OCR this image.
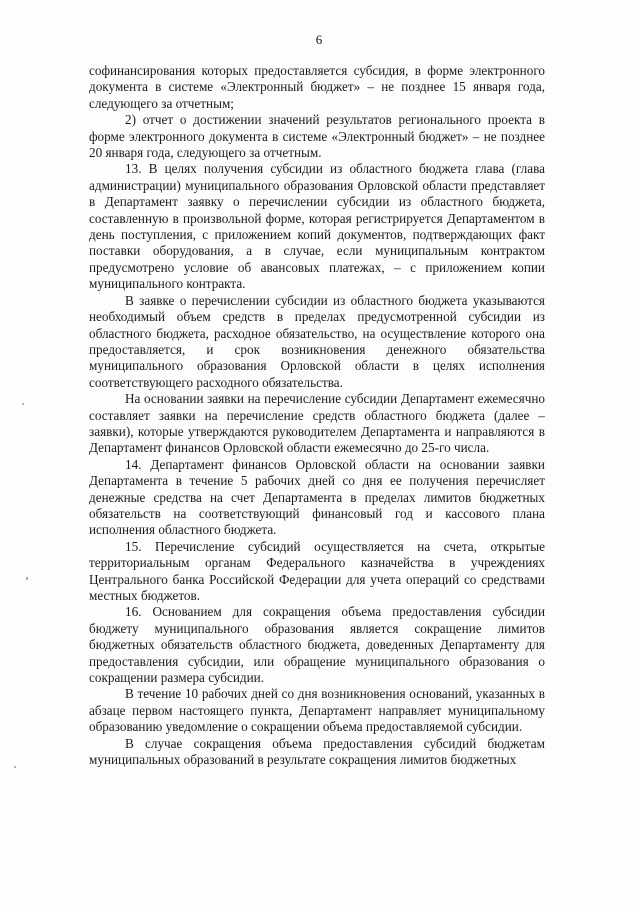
6

софинансирования которых предоставляется субсидия, в форме электронного документа в системе «Электронный бюджет» – не позднее 15 января года, следующего за отчетным;

2) отчет о достижении значений результатов регионального проекта в форме электронного документа в системе «Электронный бюджет» – не позднее 20 января года, следующего за отчетным.

13. В целях получения субсидии из областного бюджета глава (глава администрации) муниципального образования Орловской области представляет в Департамент заявку о перечислении субсидии из областного бюджета, составленную в произвольной форме, которая регистрируется Департаментом в день поступления, с приложением копий документов, подтверждающих факт поставки оборудования, а в случае, если муниципальным контрактом предусмотрено условие об авансовых платежах, – с приложением копии муниципального контракта.

В заявке о перечислении субсидии из областного бюджета указываются необходимый объем средств в пределах предусмотренной субсидии из областного бюджета, расходное обязательство, на осуществление которого она предоставляется, и срок возникновения денежного обязательства муниципального образования Орловской области в целях исполнения соответствующего расходного обязательства.

На основании заявки на перечисление субсидии Департамент ежемесячно составляет заявки на перечисление средств областного бюджета (далее – заявки), которые утверждаются руководителем Департамента и направляются в Департамент финансов Орловской области ежемесячно до 25-го числа.

14. Департамент финансов Орловской области на основании заявки Департамента в течение 5 рабочих дней со дня ее получения перечисляет денежные средства на счет Департамента в пределах лимитов бюджетных обязательств на соответствующий финансовый год и кассового плана исполнения областного бюджета.

15. Перечисление субсидий осуществляется на счета, открытые территориальным органам Федерального казначейства в учреждениях Центрального банка Российской Федерации для учета операций со средствами местных бюджетов.

16. Основанием для сокращения объема предоставления субсидии бюджету муниципального образования является сокращение лимитов бюджетных обязательств областного бюджета, доведенных Департаменту для предоставления субсидии, или обращение муниципального образования о сокращении размера субсидии.

В течение 10 рабочих дней со дня возникновения оснований, указанных в абзаце первом настоящего пункта, Департамент направляет муниципальному образованию уведомление о сокращении объема предоставляемой субсидии.

В случае сокращения объема предоставления субсидий бюджетам муниципальных образований в результате сокращения лимитов бюджетных
